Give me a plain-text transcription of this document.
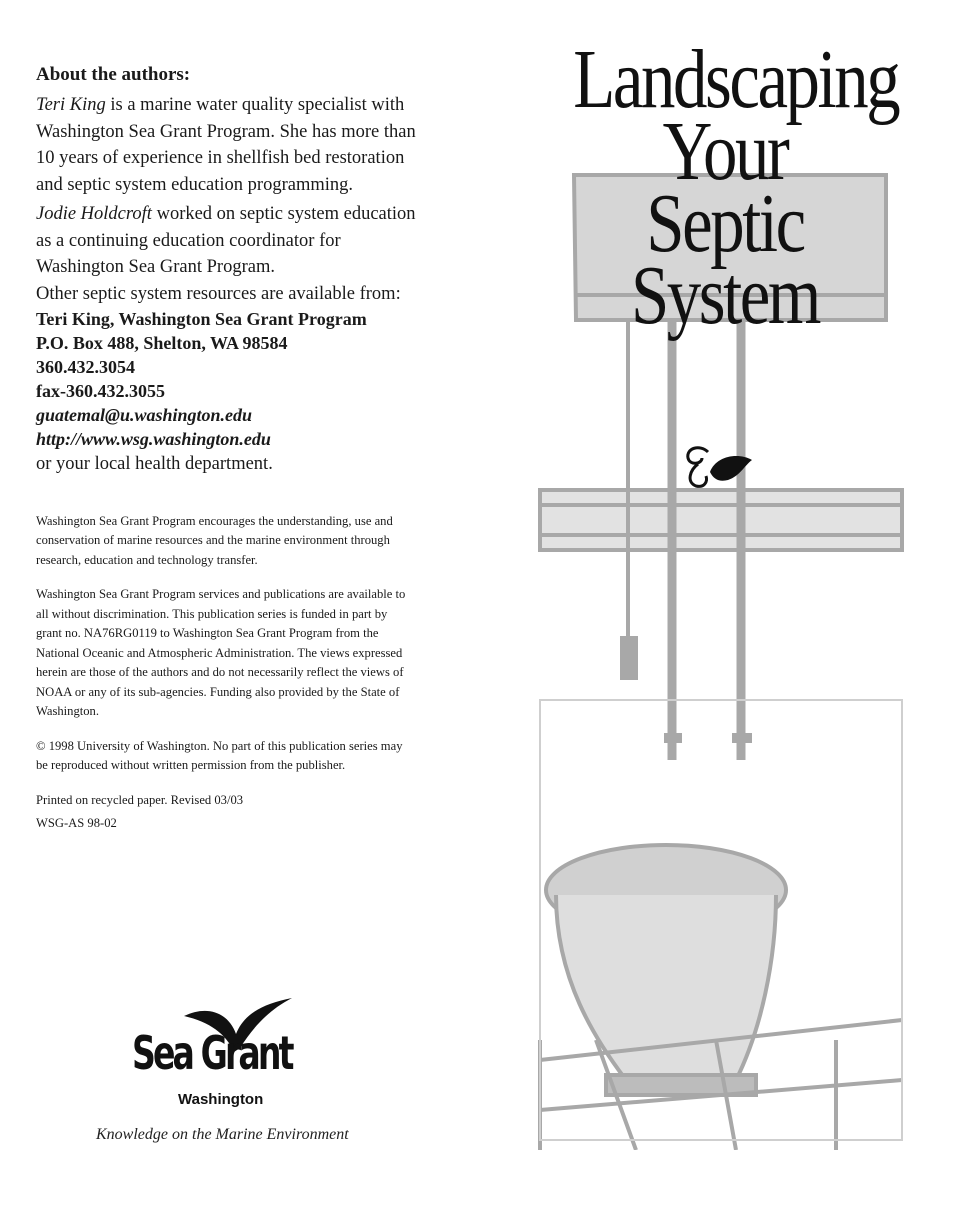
About the authors:

Teri King is a marine water quality specialist with Washington Sea Grant Program. She has more than 10 years of experience in shellfish bed restoration and septic system education programming.

Jodie Holdcroft worked on septic system education as a continuing education coordinator for Washington Sea Grant Program.

Other septic system resources are available from:

Teri King, Washington Sea Grant Program

P.O. Box 488, Shelton, WA 98584

360.432.3054

fax-360.432.3055

guatemal@u.washington.edu

http://www.wsg.washington.edu

or your local health department.

Washington Sea Grant Program encourages the understanding, use and conservation of marine resources and the marine environment through research, education and technology transfer.

Washington Sea Grant Program services and publications are available to all without discrimination. This publication series is funded in part by grant no. NA76RG0119 to Washington Sea Grant Program from the National Oceanic and Atmospheric Administration. The views expressed herein are those of the authors and do not necessarily reflect the views of NOAA or any of its sub-agencies. Funding also provided by the State of Washington.

© 1998 University of Washington. No part of this publication series may be reproduced without written permission from the publisher.

Printed on recycled paper. Revised 03/03

WSG-AS 98-02

Sea Grant
Washington
Knowledge on the Marine Environment
Landscaping
Your
Septic
System
